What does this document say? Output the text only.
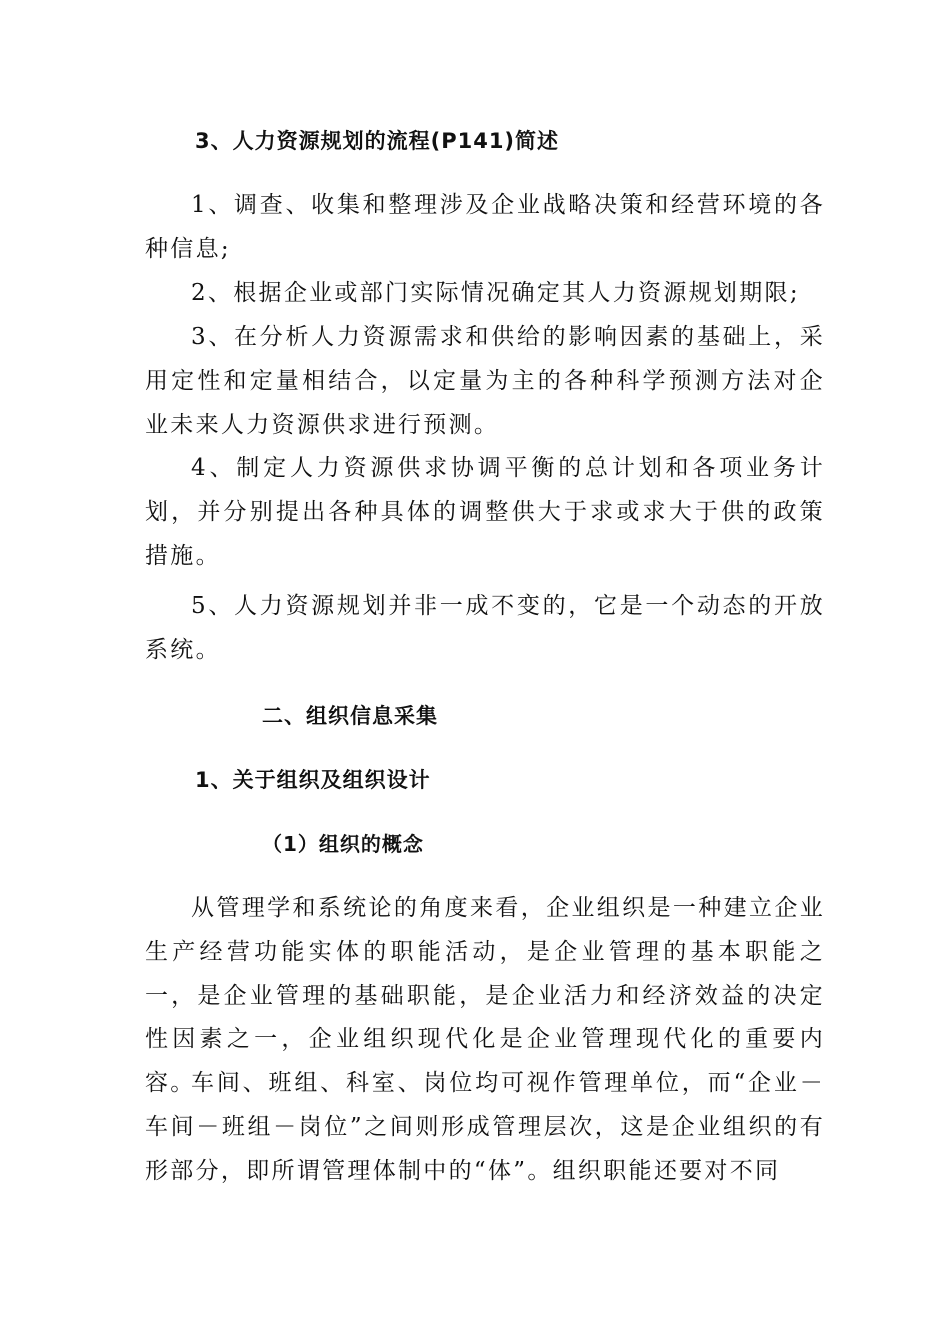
3、人力资源规划的流程(P141)简述

1、调查、收集和整理涉及企业战略决策和经营环境的各种信息;

2、根据企业或部门实际情况确定其人力资源规划期限;

3、在分析人力资源需求和供给的影响因素的基础上，采用定性和定量相结合，以定量为主的各种科学预测方法对企业未来人力资源供求进行预测。

4、制定人力资源供求协调平衡的总计划和各项业务计划，并分别提出各种具体的调整供大于求或求大于供的政策措施。

5、人力资源规划并非一成不变的，它是一个动态的开放系统。

二、组织信息采集
1、关于组织及组织设计
（1）组织的概念

从管理学和系统论的角度来看，企业组织是一种建立企业生产经营功能实体的职能活动，是企业管理的基本职能之一，是企业管理的基础职能，是企业活力和经济效益的决定性因素之一，企业组织现代化是企业管理现代化的重要内容。

车间、班组、科室、岗位均可视作管理单位，而“企业－车间－班组－岗位”之间则形成管理层次，这是企业组织的有形部分，即所谓管理体制中的“体”。组织职能还要对不同
